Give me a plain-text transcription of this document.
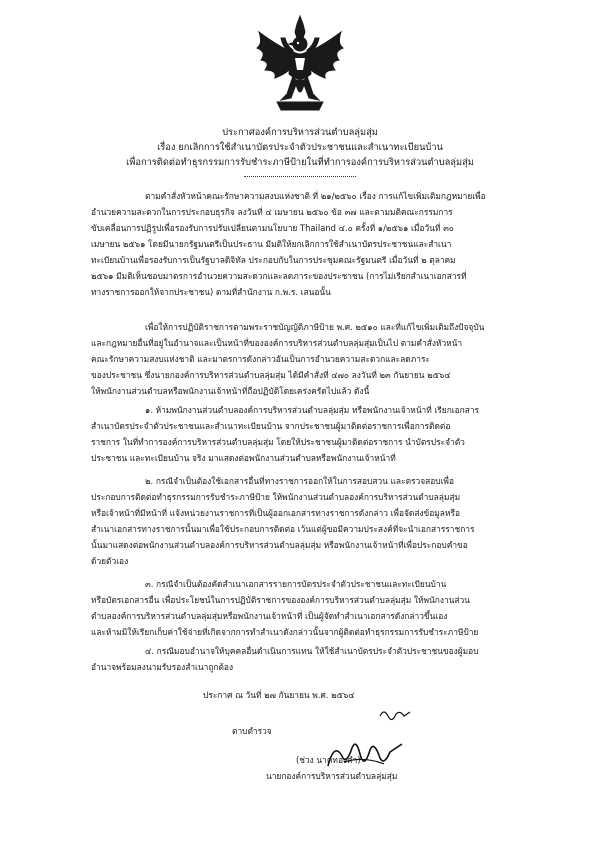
ประกาศองค์การบริหารส่วนตำบลลุ่มสุ่ม
เรื่อง ยกเลิกการใช้สำเนาบัตรประจำตัวประชาชนและสำเนาทะเบียนบ้าน
เพื่อการติดต่อทำธุรกรรมการรับชำระภาษีป้ายในที่ทำการองค์การบริหารส่วนตำบลลุ่มสุ่ม
ตามคำสั่งหัวหน้าคณะรักษาความสงบแห่งชาติ ที่ ๒๑/๒๕๖๐ เรื่อง การแก้ไขเพิ่มเติมกฎหมายเพื่อ
อำนวยความสะดวกในการประกอบธุรกิจ ลงวันที่ ๔ เมษายน ๒๕๖๐ ข้อ ๓๗ และตามมติคณะกรรมการ
ขับเคลื่อนการปฏิรูปเพื่อรองรับการปรับเปลี่ยนตามนโยบาย Thailand ๔.๐ ครั้งที่ ๑/๒๕๖๑ เมื่อวันที่ ๓๐
เมษายน ๒๕๖๑ โดยมีนายกรัฐมนตรีเป็นประธาน มีมติให้ยกเลิกการใช้สำเนาบัตรประชาชนและสำเนา
ทะเบียนบ้านเพื่อรองรับการเป็นรัฐบาลดิจิทัล ประกอบกับในการประชุมคณะรัฐมนตรี เมื่อวันที่ ๒ ตุลาคม
๒๕๖๑ มีมติเห็นชอบมาตรการอำนวยความสะดวกและลดภาระของประชาชน (การไม่เรียกสำเนาเอกสารที่
ทางราชการออกให้จากประชาชน) ตามที่สำนักงาน ก.พ.ร. เสนอนั้น
เพื่อให้การปฏิบัติราชการตามพระราชบัญญัติภาษีป้าย พ.ศ. ๒๕๑๐ และที่แก้ไขเพิ่มเติมถึงปัจจุบัน
และกฎหมายอื่นที่อยู่ในอำนาจและเป็นหน้าที่ขององค์การบริหารส่วนตำบลลุ่มสุ่มเป็นไป ตามคำสั่งหัวหน้า
คณะรักษาความสงบแห่งชาติ และมาตรการดังกล่าวอันเป็นการอำนวยความสะดวกและลดภาระ
ของประชาชน ซึ่งนายกองค์การบริหารส่วนตำบลลุ่มสุ่ม ได้มีคำสั่งที่ ๔๗๐ ลงวันที่ ๒๓ กันยายน ๒๕๖๔
ให้พนักงานส่วนตำบลหรือพนักงานเจ้าหน้าที่ถือปฏิบัติโดยเคร่งครัดไปแล้ว ดังนี้
๑. ห้ามพนักงานส่วนตำบลองค์การบริหารส่วนตำบลลุ่มสุ่ม หรือพนักงานเจ้าหน้าที่ เรียกเอกสาร
สำเนาบัตรประจำตัวประชาชนและสำเนาทะเบียนบ้าน จากประชาชนผู้มาติดต่อราชการเพื่อการติดต่อ
ราชการ ในที่ทำการองค์การบริหารส่วนตำบลลุ่มสุ่ม โดยให้ประชาชนผู้มาติดต่อราชการ นำบัตรประจำตัว
ประชาชน และทะเบียนบ้าน จริง มาแสดงต่อพนักงานส่วนตำบลหรือพนักงานเจ้าหน้าที่
๒. กรณีจำเป็นต้องใช้เอกสารอื่นที่ทางราชการออกให้ในการสอบสวน และตรวจสอบเพื่อ
ประกอบการติดต่อทำธุรกรรมการรับชำระภาษีป้าย ให้พนักงานส่วนตำบลองค์การบริหารส่วนตำบลลุ่มสุ่ม
หรือเจ้าหน้าที่มีหน้าที่ แจ้งหน่วยงานราชการที่เป็นผู้ออกเอกสารทางราชการดังกล่าว เพื่อจัดส่งข้อมูลหรือ
สำเนาเอกสารทางราชการนั้นมาเพื่อใช้ประกอบการติดต่อ เว้นแต่ผู้ขอมีความประสงค์ที่จะนำเอกสารราชการ
นั้นมาแสดงต่อพนักงานส่วนตำบลองค์การบริหารส่วนตำบลลุ่มสุ่ม หรือพนักงานเจ้าหน้าที่เพื่อประกอบคำขอ
ด้วยตัวเอง
๓. กรณีจำเป็นต้องคัดสำเนาเอกสารรายการบัตรประจำตัวประชาชนและทะเบียนบ้าน
หรือบัตรเอกสารอื่น เพื่อประโยชน์ในการปฏิบัติราชการขององค์การบริหารส่วนตำบลลุ่มสุ่ม ให้พนักงานส่วน
ตำบลองค์การบริหารส่วนตำบลลุ่มสุ่มหรือพนักงานเจ้าหน้าที่ เป็นผู้จัดทำสำเนาเอกสารดังกล่าวขึ้นเอง
และห้ามมิให้เรียกเก็บค่าใช้จ่ายที่เกิดจากการทำสำเนาดังกล่าวนั้นจากผู้ติดต่อทำธุรกรรมการรับชำระภาษีป้าย
๔. กรณีมอบอำนาจให้บุคคลอื่นดำเนินการแทน ให้ใช้สำเนาบัตรประจำตัวประชาชนของผู้มอบ
อำนาจพร้อมลงนามรับรองสำเนาถูกต้อง
ประกาศ ณ วันที่ ๒๗ กันยายน พ.ศ. ๒๕๖๔
ตาบตำรวจ
(ช่วง นาคทองคำ)
นายกองค์การบริหารส่วนตำบลลุ่มสุ่ม
